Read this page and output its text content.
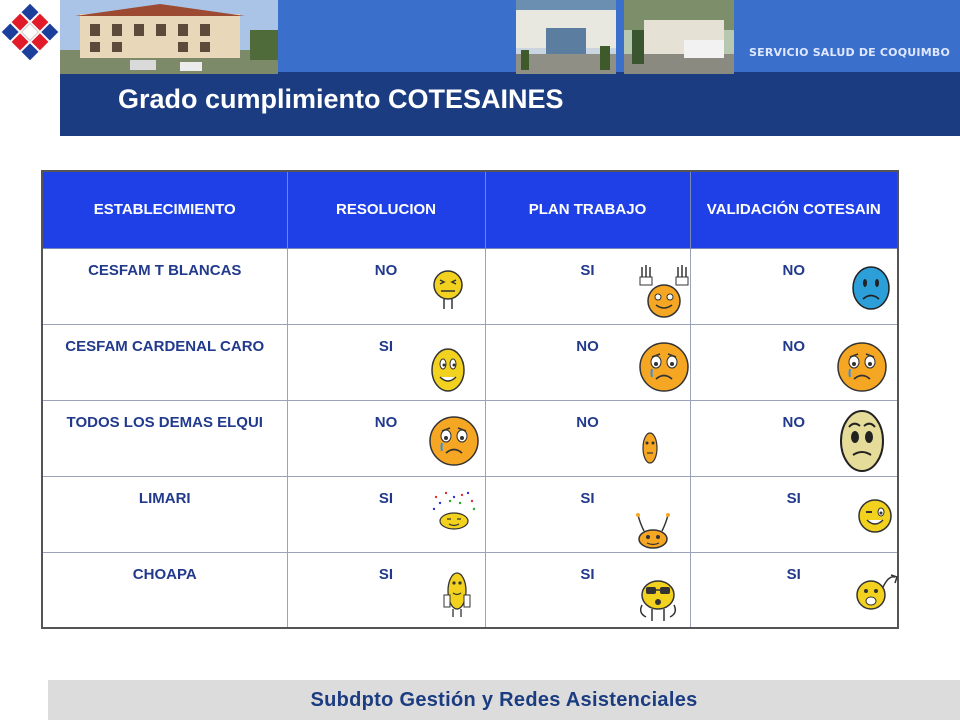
SERVICIO SALUD DE COQUIMBO
Grado cumplimiento COTESAINES
ESTABLECIMIENTO	RESOLUCION	PLAN TRABAJO	VALIDACIÓN COTESAIN

CESFAM T BLANCAS	NO	SI	NO

CESFAM CARDENAL CARO	SI	NO	NO

TODOS LOS DEMAS ELQUI	NO	NO	NO

LIMARI	SI	SI	SI

CHOAPA	SI	SI	SI
Subdpto Gestión y Redes Asistenciales
